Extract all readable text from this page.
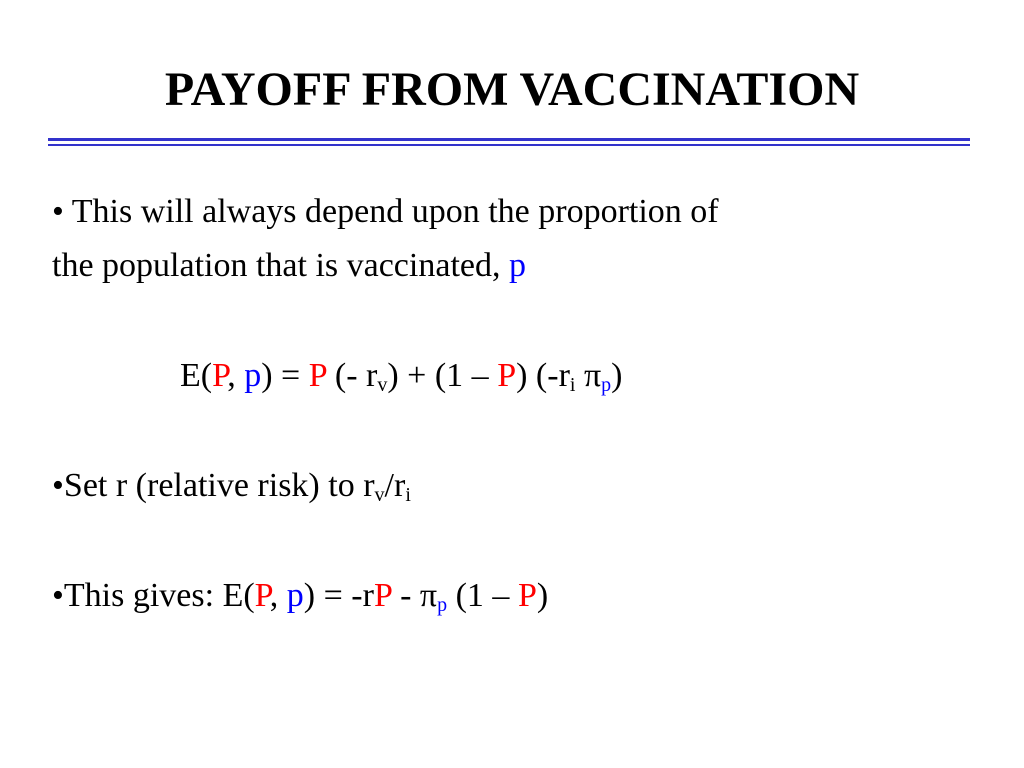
PAYOFF FROM VACCINATION
• This will always depend upon the proportion of
the population that is vaccinated, p
E(P, p) = P (- $r_v) + (1 - P)$ ($-r_i$ $\pi_p$)
•Set r (relative risk) to $r_v/r_i$
•This gives: E(P, $p) = -rP - \pi_p$ (1 – P)
